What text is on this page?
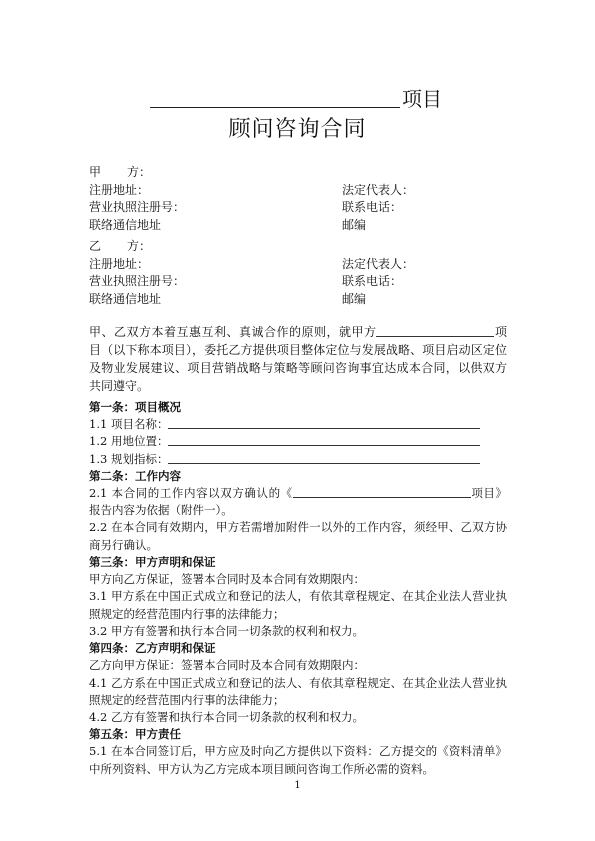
项目
顾问咨询合同
甲 方：
注册地址：	法定代表人：
营业执照注册号：	联系电话：
联络通信地址	邮编
乙 方：
注册地址：	法定代表人：
营业执照注册号：	联系电话：
联络通信地址	邮编
甲、乙双方本着互惠互利、真诚合作的原则，就甲方	项目（以下称本项目），委托乙方提供项目整体定位与发展战略、项目启动区定位及物业发展建议、项目营销战略与策略等顾问咨询事宜达成本合同，以供双方共同遵守。

第一条：项目概况

1.1 项目名称：

1.2 用地位置：

1.3 规划指标：

第二条：工作内容

2.1 本合同的工作内容以双方确认的《	项目》报告内容为依据（附件一）。

2.2 在本合同有效期内，甲方若需增加附件一以外的工作内容，须经甲、乙双方协商另行确认。

第三条：甲方声明和保证

甲方向乙方保证，签署本合同时及本合同有效期限内：

3.1 甲方系在中国正式成立和登记的法人，有依其章程规定、在其企业法人营业执照规定的经营范围内行事的法律能力；

3.2 甲方有签署和执行本合同一切条款的权利和权力。

第四条：乙方声明和保证

乙方向甲方保证：签署本合同时及本合同有效期限内：

4.1 乙方系在中国正式成立和登记的法人、有依其章程规定、在其企业法人营业执照规定的经营范围内行事的法律能力；

4.2 乙方有签署和执行本合同一切条款的权利和权力。

第五条：甲方责任

5.1 在本合同签订后，甲方应及时向乙方提供以下资料：乙方提交的《资料清单》中所列资料、甲方认为乙方完成本项目顾问咨询工作所必需的资料。

1
